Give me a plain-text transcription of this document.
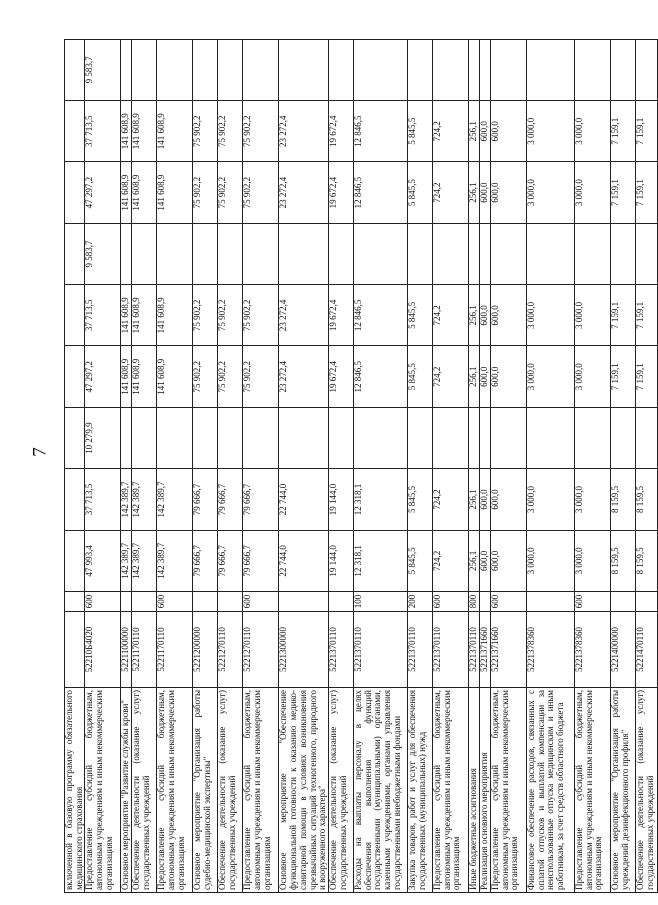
7
включенной в базовую программу обязательного медицинского страхования											
Предоставление субсидий бюджетным, автономным учреждениям и иным некоммерческим организациям	52210Б4020	600	47 993,4	37 713,5	10 279,9	47 297,2	37 713,5	9 583,7	47 297,2	37 713,5	9 583,7
Основное мероприятие "Развитие службы крови"	5221100000		142 389,7	142 389,7		141 608,9	141 608,9		141 608,9	141 608,9	
Обеспечение деятельности (оказание услуг) государственных учреждений	5221170110		142 389,7	142 389,7		141 608,9	141 608,9		141 608,9	141 608,9	
Предоставление субсидий бюджетным, автономным учреждениям и иным некоммерческим организациям	5221170110	600	142 389,7	142 389,7		141 608,9	141 608,9		141 608,9	141 608,9	
Основное мероприятие "Организация работы судебно-медицинской экспертизы"	5221200000		79 666,7	79 666,7		75 902,2	75 902,2		75 902,2	75 902,2	
Обеспечение деятельности (оказание услуг) государственных учреждений	5221270110		79 666,7	79 666,7		75 902,2	75 902,2		75 902,2	75 902,2	
Предоставление субсидий бюджетным, автономным учреждениям и иным некоммерческим организациям	5221270110	600	79 666,7	79 666,7		75 902,2	75 902,2		75 902,2	75 902,2	
Основное мероприятие "Обеспечение функциональной готовности к оказанию медико-санитарной помощи в условиях возникновения чрезвычайных ситуаций техногенного, природного и вооруженного характера"	5221300000		22 744,0	22 744,0		23 272,4	23 272,4		23 272,4	23 272,4	
Обеспечение деятельности (оказание услуг) государственных учреждений	5221370110		19 144,0	19 144,0		19 672,4	19 672,4		19 672,4	19 672,4	
Расходы на выплаты персоналу в целях обеспечения выполнения функций государственными (муниципальными) органами, казенными учреждениями, органами управления государственными внебюджетными фондами	5221370110	100	12 318,1	12 318,1		12 846,5	12 846,5		12 846,5	12 846,5	
Закупка товаров, работ и услуг для обеспечения государственных (муниципальных) нужд	5221370110	200	5 845,5	5 845,5		5 845,5	5 845,5		5 845,5	5 845,5	
Предоставление субсидий бюджетным, автономным учреждениям и иным некоммерческим организациям	5221370110	600	724,2	724,2		724,2	724,2		724,2	724,2	
Иные бюджетные ассигнования	5221370110	800	256,1	256,1		256,1	256,1		256,1	256,1	
Реализация основного мероприятия	5221371660		600,0	600,0		600,0	600,0		600,0	600,0	
Предоставление субсидий бюджетным, автономным учреждениям и иным некоммерческим организациям	5221371660	600	600,0	600,0		600,0	600,0		600,0	600,0	
Финансовое обеспечение расходов, связанных с оплатой отпусков и выплатой компенсации за неиспользованные отпуска медицинским и иным работникам, за счет средств областного бюджета	5221378360		3 000,0	3 000,0		3 000,0	3 000,0		3 000,0	3 000,0	
Предоставление субсидий бюджетным, автономным учреждениям и иным некоммерческим организациям	5221378360	600	3 000,0	3 000,0		3 000,0	3 000,0		3 000,0	3 000,0	
Основное мероприятие "Организация работы учреждений дезинфекционного профиля"	5221400000		8 159,5	8 159,5		7 159,1	7 159,1		7 159,1	7 159,1	
Обеспечение деятельности (оказание услуг) государственных учреждений	5221470110		8 159,5	8 159,5		7 159,1	7 159,1		7 159,1	7 159,1	
